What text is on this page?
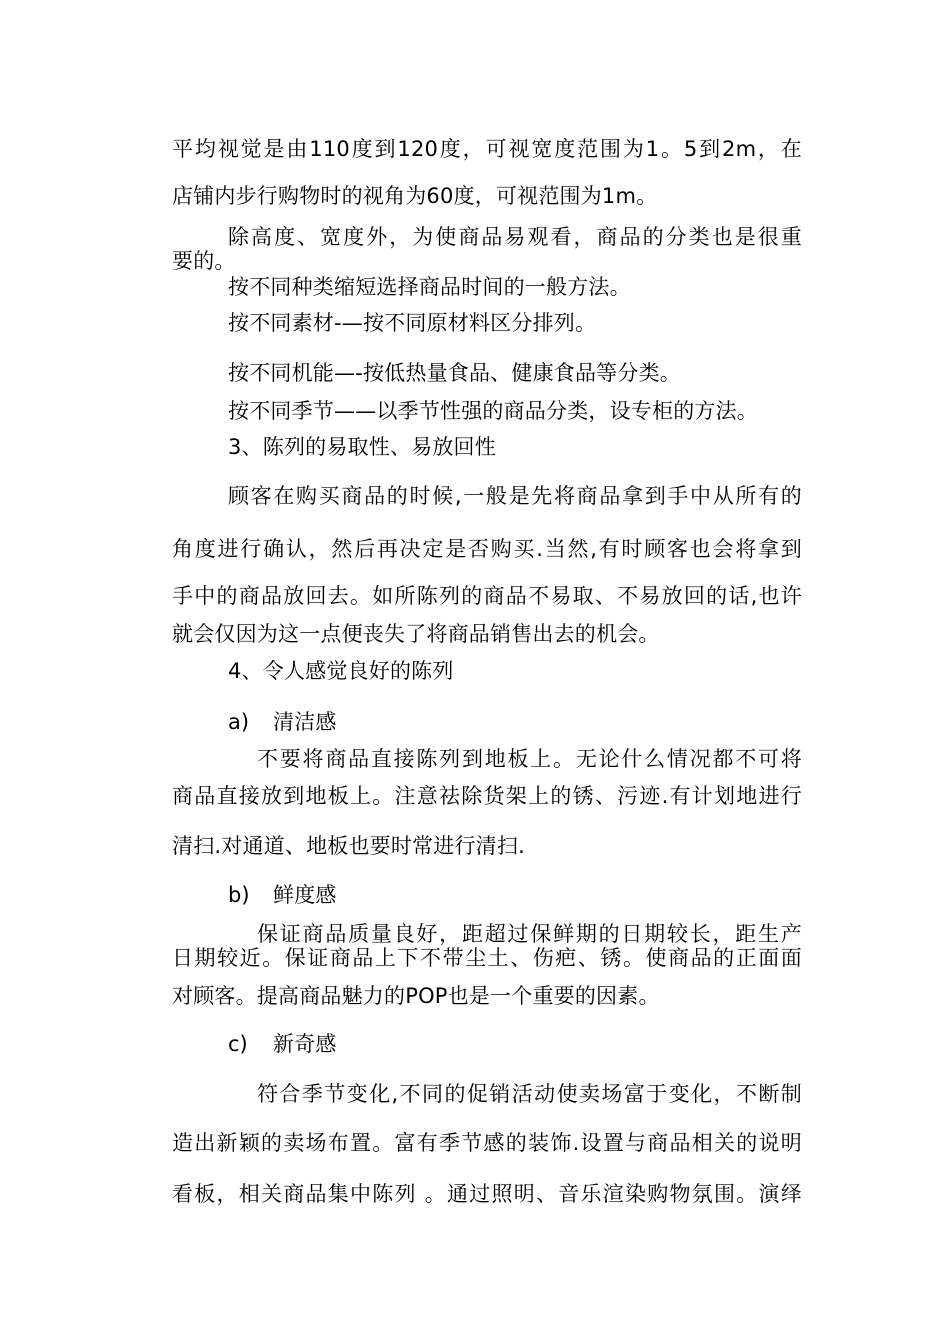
平均视觉是由110度到120度，可视宽度范围为1。5到2m，在
店铺内步行购物时的视角为60度，可视范围为1m。
除高度、宽度外，为使商品易观看，商品的分类也是很重
要的。
按不同种类缩短选择商品时间的一般方法。
按不同素材-—按不同原材料区分排列。
按不同机能—-按低热量食品、健康食品等分类。
按不同季节——以季节性强的商品分类，设专柜的方法。
3、陈列的易取性、易放回性
顾客在购买商品的时候,一般是先将商品拿到手中从所有的
角度进行确认，然后再决定是否购买.当然,有时顾客也会将拿到
手中的商品放回去。如所陈列的商品不易取、不易放回的话,也许
就会仅因为这一点便丧失了将商品销售出去的机会。
4、令人感觉良好的陈列
a) 清洁感
不要将商品直接陈列到地板上。无论什么情况都不可将
商品直接放到地板上。注意祛除货架上的锈、污迹.有计划地进行
清扫.对通道、地板也要时常进行清扫.
b) 鲜度感
保证商品质量良好，距超过保鲜期的日期较长，距生产
日期较近。保证商品上下不带尘土、伤疤、锈。使商品的正面面
对顾客。提高商品魅力的POP也是一个重要的因素。
c) 新奇感
符合季节变化,不同的促销活动使卖场富于变化，不断制
造出新颖的卖场布置。富有季节感的装饰.设置与商品相关的说明
看板，相关商品集中陈列 。通过照明、音乐渲染购物氛围。演绎
